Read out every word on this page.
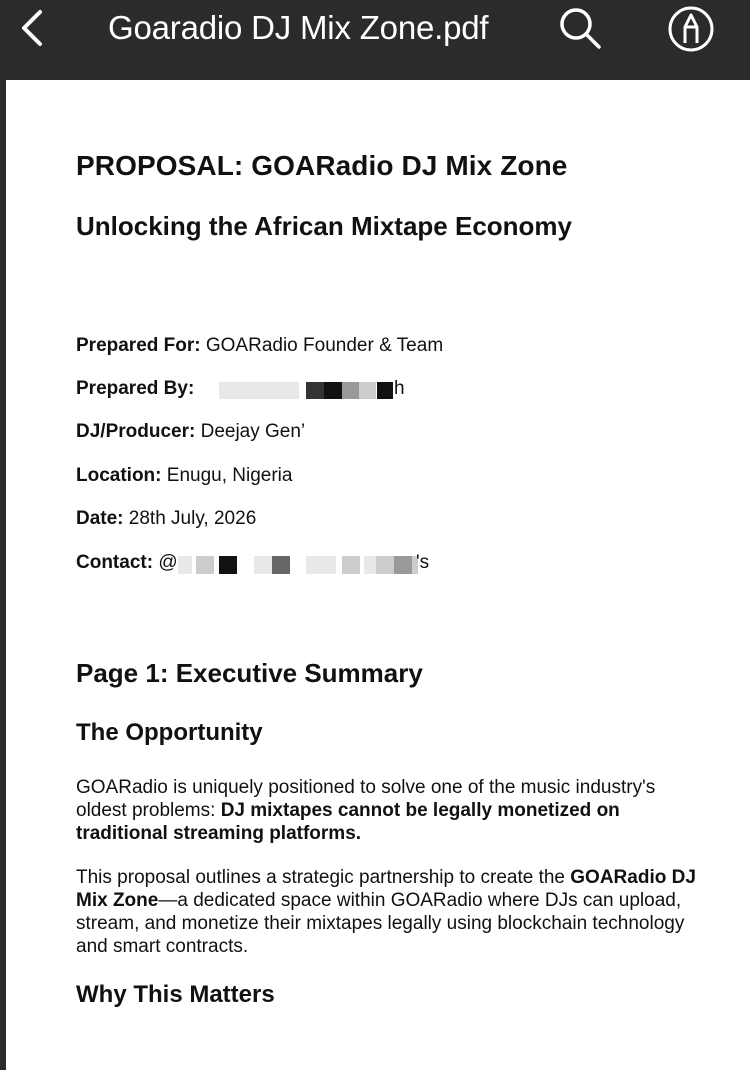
Goaradio DJ Mix Zone.pdf
PROPOSAL: GOARadio DJ Mix Zone
Unlocking the African Mixtape Economy
Prepared For: GOARadio Founder & Team
Prepared By:	h
DJ/Producer: Deejay Gen’
Location: Enugu, Nigeria
Date: 28th July, 2026
Contact: @	's
Page 1: Executive Summary
The Opportunity
GOARadio is uniquely positioned to solve one of the music industry's oldest problems: DJ mixtapes cannot be legally monetized on traditional streaming platforms.
This proposal outlines a strategic partnership to create the GOARadio DJ Mix Zone—a dedicated space within GOARadio where DJs can upload, stream, and monetize their mixtapes legally using blockchain technology and smart contracts.
Why This Matters
